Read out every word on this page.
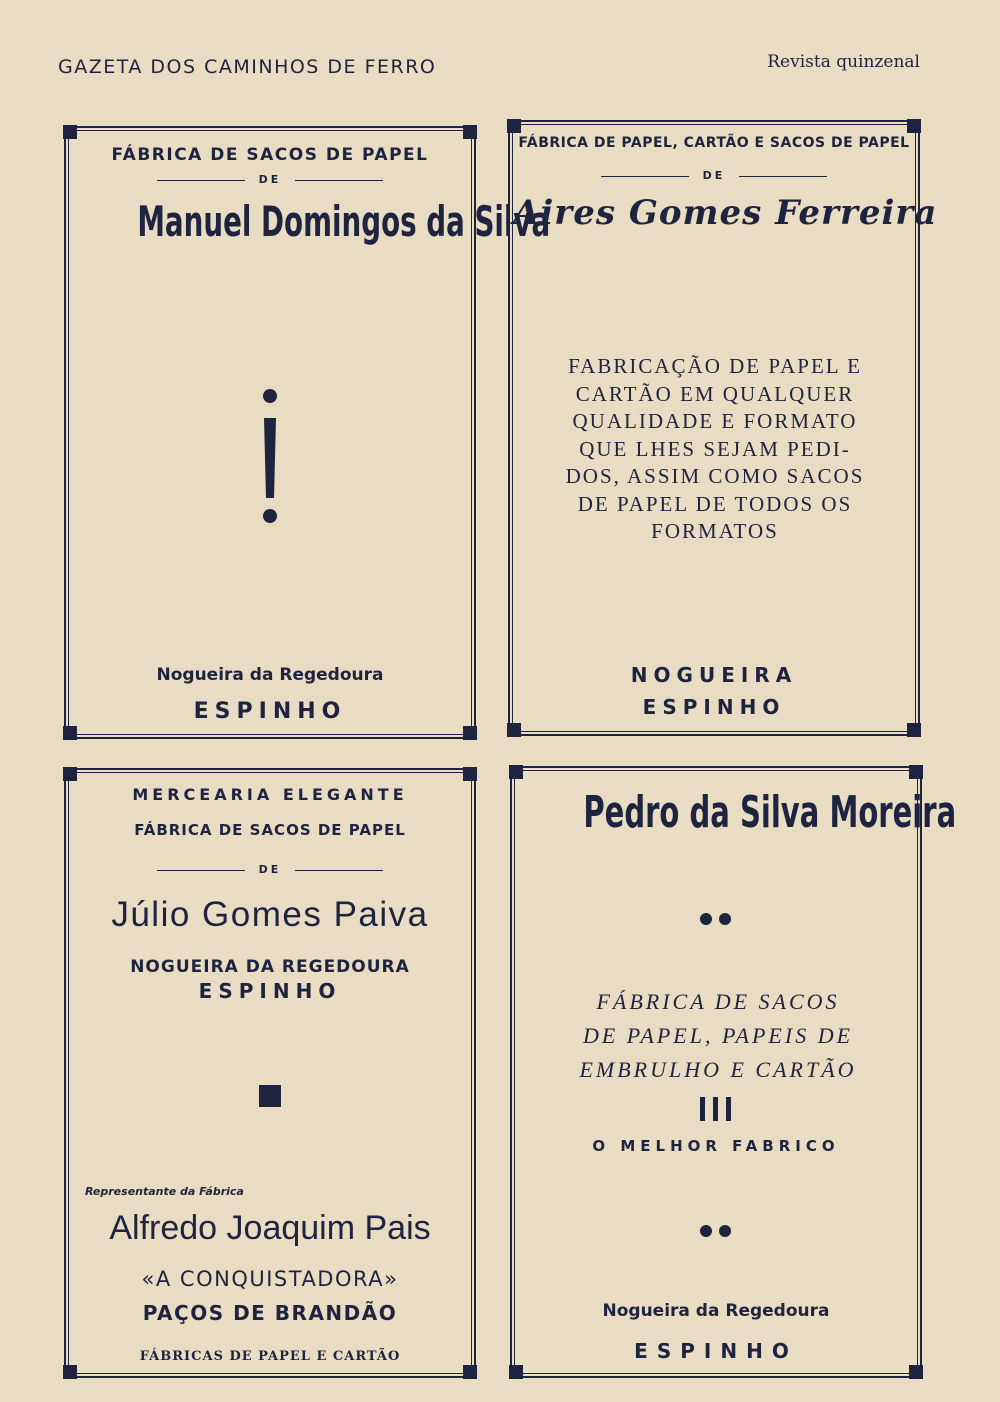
GAZETA DOS CAMINHOS DE FERRO	Revista quinzenal
FÁBRICA DE SACOS DE PAPEL
DE
Manuel Domingos da Silva
Nogueira da Regedoura
ESPINHO
FÁBRICA DE PAPEL, CARTÃO E SACOS DE PAPEL
DE
Aires Gomes Ferreira
FABRICAÇÃO DE PAPEL E
CARTÃO EM QUALQUER
QUALIDADE E FORMATO
QUE LHES SEJAM PEDI-
DOS, ASSIM COMO SACOS
DE PAPEL DE TODOS OS
FORMATOS
NOGUEIRA
ESPINHO
MERCEARIA ELEGANTE
FÁBRICA DE SACOS DE PAPEL
DE
Júlio Gomes Paiva
NOGUEIRA DA REGEDOURA
ESPINHO
Representante da Fábrica
Alfredo Joaquim Pais
«A CONQUISTADORA»
PAÇOS DE BRANDÃO
FÁBRICAS DE PAPEL E CARTÃO
Pedro da Silva Moreira
FÁBRICA DE SACOS
DE PAPEL, PAPEIS DE
EMBRULHO E CARTÃO
O MELHOR FABRICO
Nogueira da Regedoura
ESPINHO
